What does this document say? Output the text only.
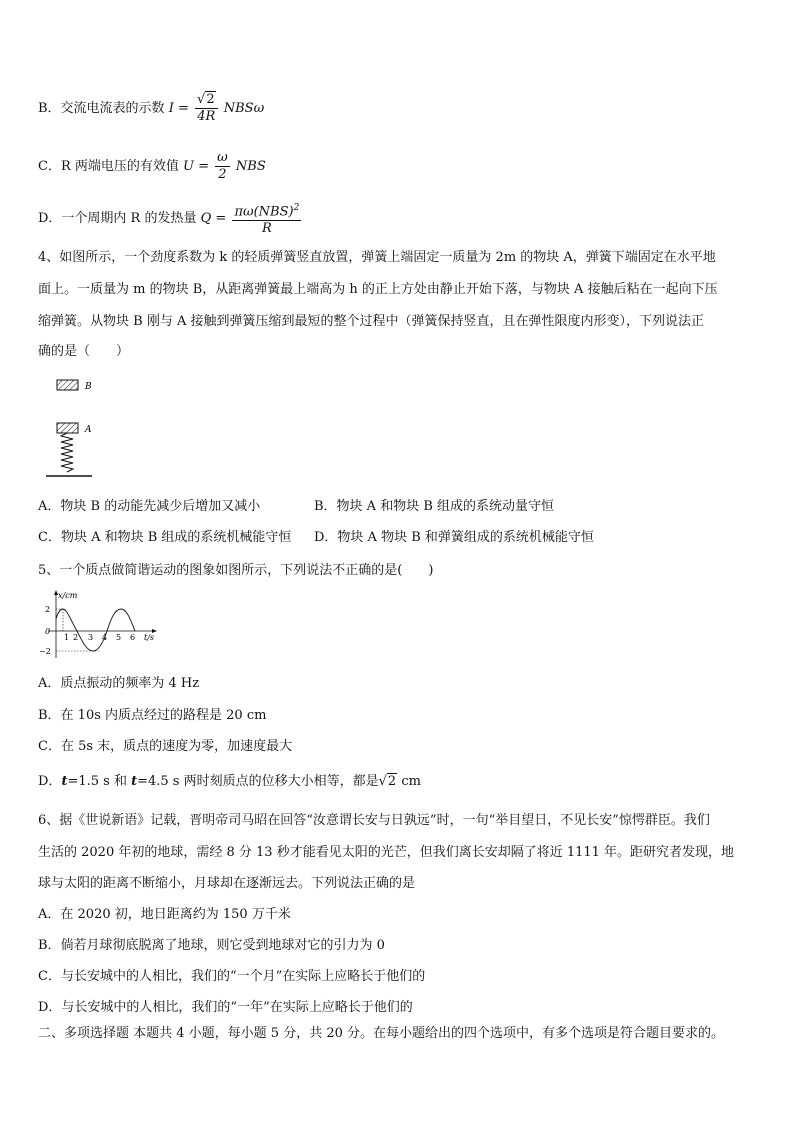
B．交流电流表的示数 $I = \frac{√2}{4R}$ NBSω
C．R 两端电压的有效值 $U = \frac{\omega}{2}$ NBS
D．一个周期内 R 的发热量 $Q = \frac{\pi\omega(NBS)^2}{R}$
4、如图所示，一个劲度系数为 k 的轻质弹簧竖直放置，弹簧上端固定一质量为 2m 的物块 A，弹簧下端固定在水平地
面上。一质量为 m 的物块 B，从距离弹簧最上端高为 h 的正上方处由静止开始下落，与物块 A 接触后粘在一起向下压
缩弹簧。从物块 B 刚与 A 接触到弹簧压缩到最短的整个过程中（弹簧保持竖直，且在弹性限度内形变），下列说法正
确的是（　　）
B
A
A．物块 B 的动能先减少后增加又减小	B．物块 A 和物块 B 组成的系统动量守恒
C．物块 A 和物块 B 组成的系统机械能守恒 D．物块 A 物块 B 和弹簧组成的系统机械能守恒
5、一个质点做简谐运动的图象如图所示，下列说法不正确的是(　　)
x/cm
t/s
2
0
−2
1 2 3 4 5 6
A．质点振动的频率为 4 Hz
B．在 10s 内质点经过的路程是 20 cm
C．在 5s 末，质点的速度为零，加速度最大
D．t=1.5 s 和 t=4.5 s 两时刻质点的位移大小相等，都是√2 cm
6、据《世说新语》记载，晋明帝司马昭在回答“汝意谓长安与日孰远”时，一句“举目望日，不见长安”惊愕群臣。我们
生活的 2020 年初的地球，需经 8 分 13 秒才能看见太阳的光芒，但我们离长安却隔了将近 1111 年。距研究者发现，地
球与太阳的距离不断缩小，月球却在逐渐远去。下列说法正确的是
A．在 2020 初，地日距离约为 150 万千米
B．倘若月球彻底脱离了地球，则它受到地球对它的引力为 0
C．与长安城中的人相比，我们的“一个月”在实际上应略长于他们的
D．与长安城中的人相比，我们的“一年”在实际上应略长于他们的
二、多项选择题 本题共 4 小题，每小题 5 分，共 20 分。在每小题给出的四个选项中，有多个选项是符合题目要求的。
